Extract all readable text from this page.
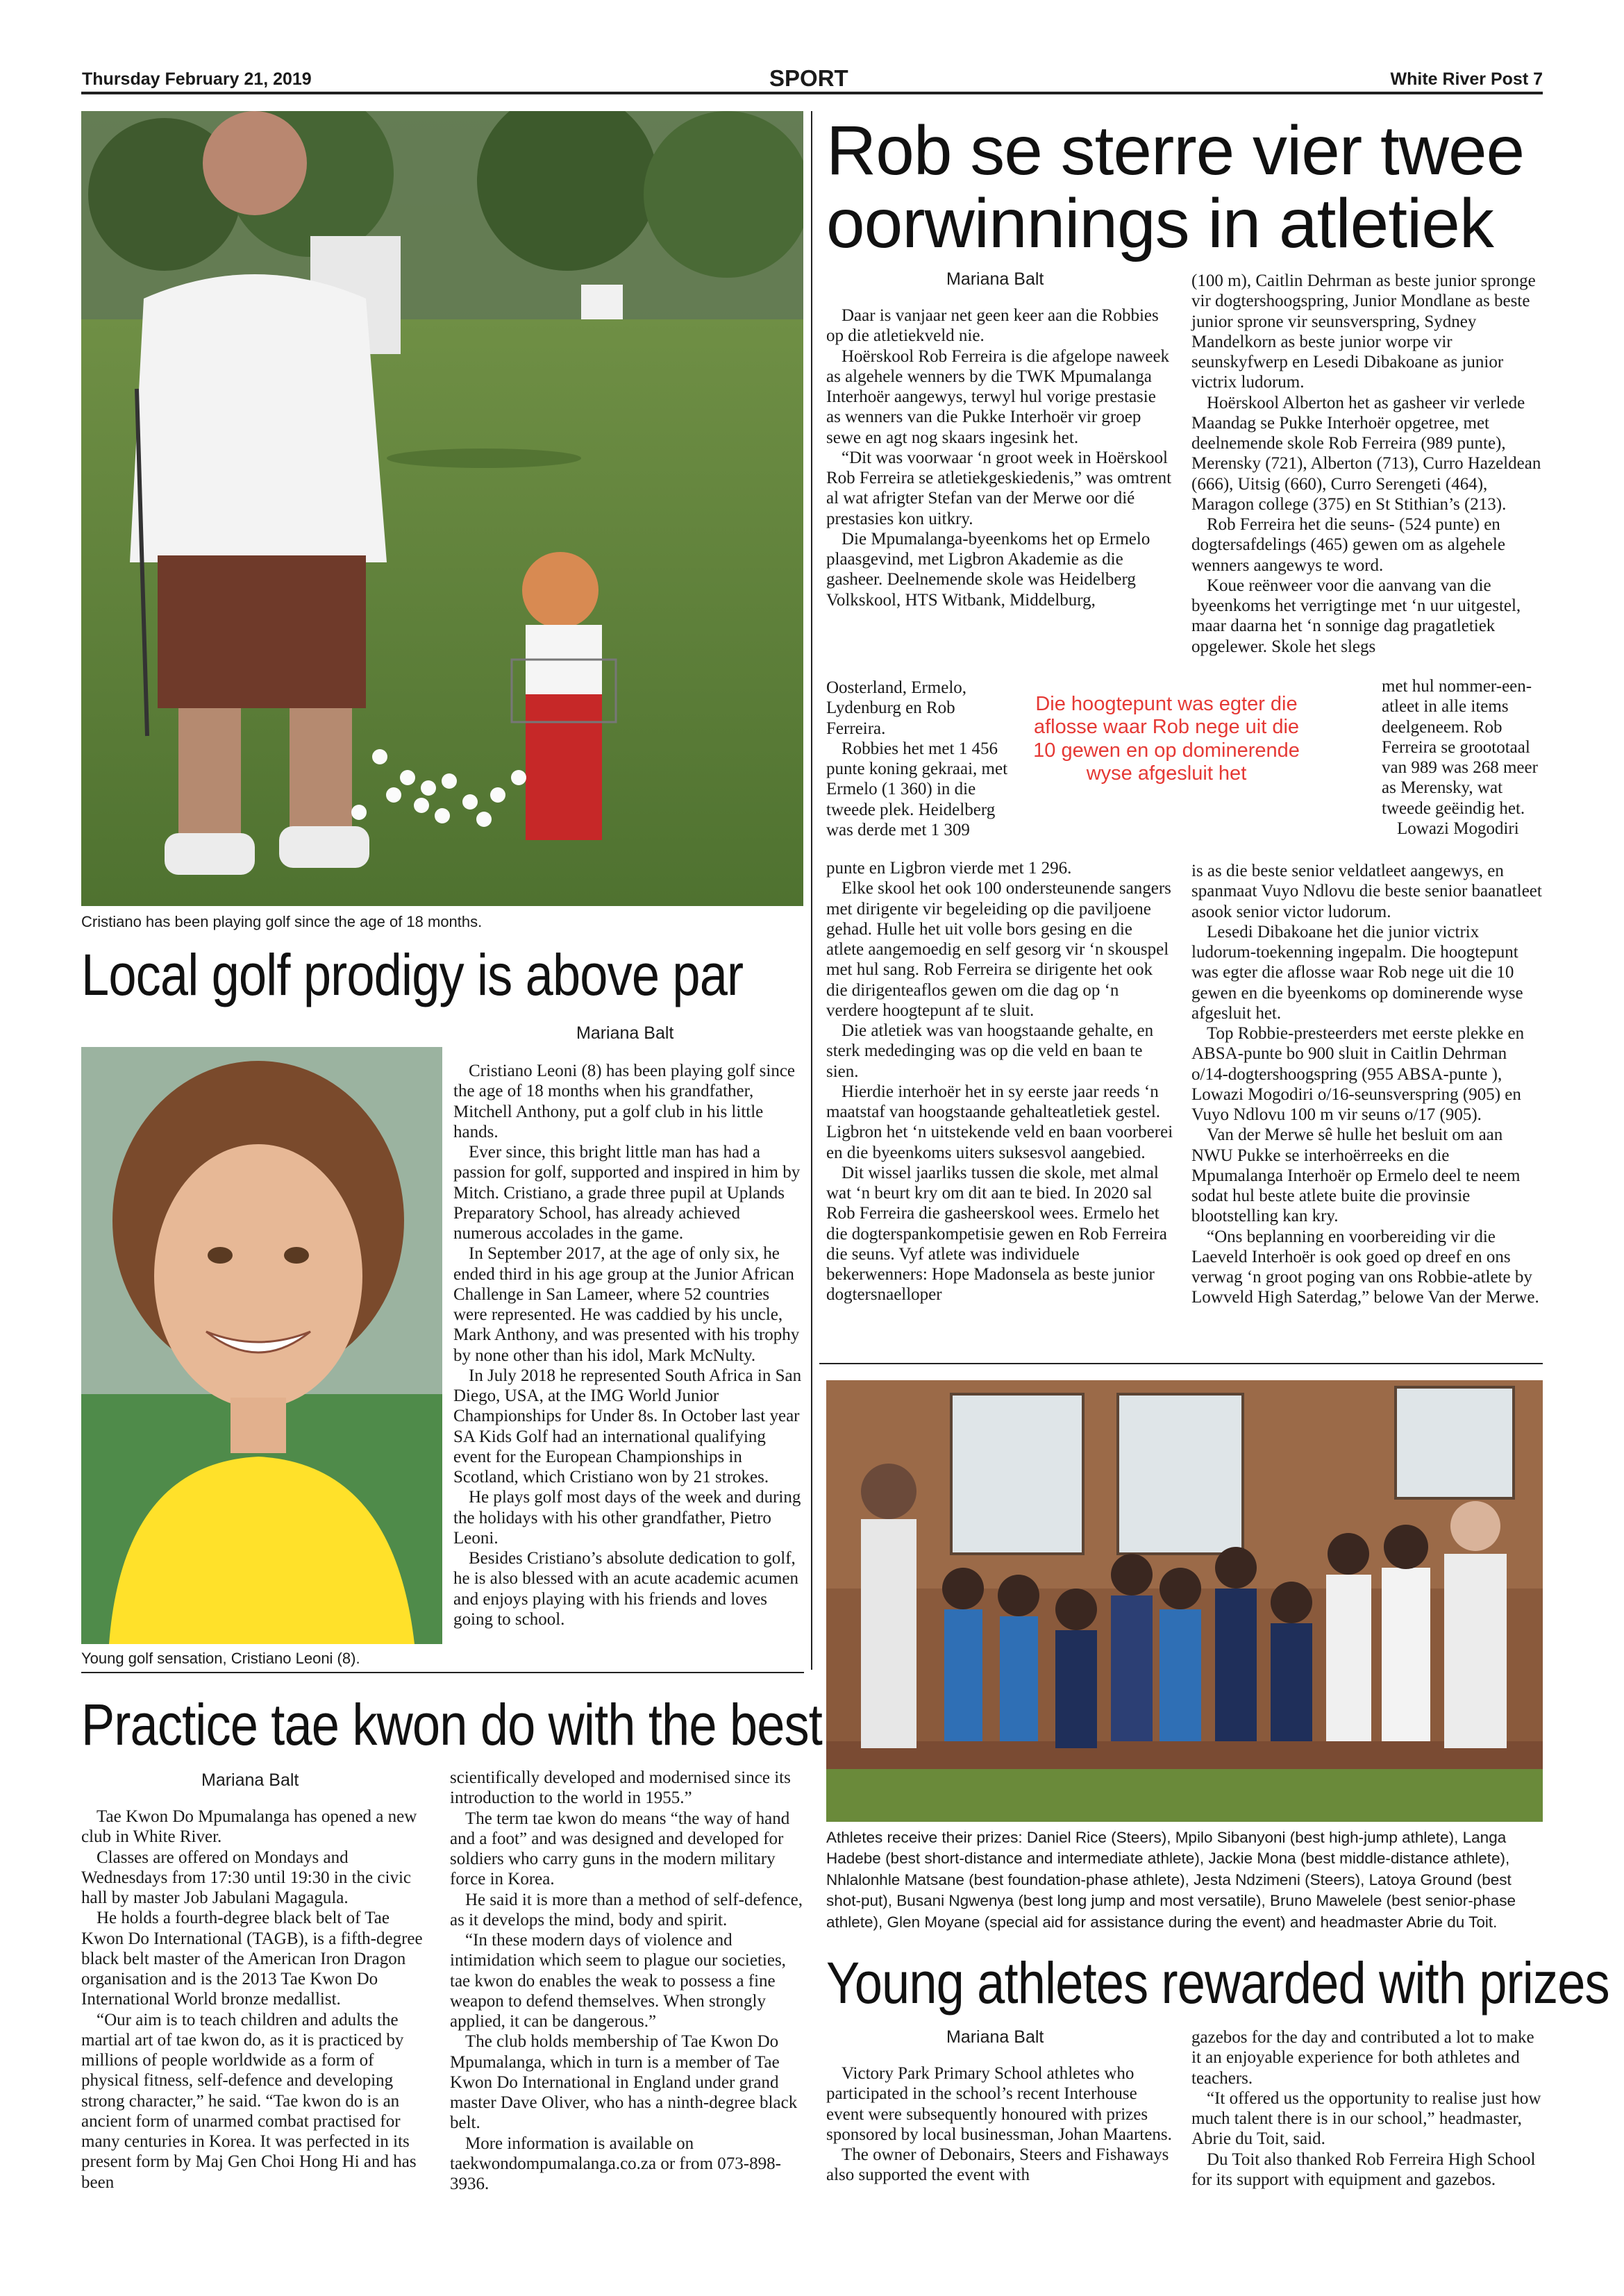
Thursday February 21, 2019	SPORT	White River Post 7
Cristiano has been playing golf since the age of 18 months.
Local golf prodigy is above par
Mariana Balt
Young golf sensation, Cristiano Leoni (8).

Cristiano Leoni (8) has been playing golf since the age of 18 months when his grandfather, Mitchell Anthony, put a golf club in his little hands.

Ever since, this bright little man has had a passion for golf, supported and inspired in him by Mitch. Cristiano, a grade three pupil at Uplands Preparatory School, has already achieved numerous accolades in the game.

In September 2017, at the age of only six, he ended third in his age group at the Junior African Challenge in San Lameer, where 52 countries were represented. He was caddied by his uncle, Mark Anthony, and was presented with his trophy by none other than his idol, Mark McNulty.

In July 2018 he represented South Africa in San Diego, USA, at the IMG World Junior Championships for Under 8s. In October last year SA Kids Golf had an international qualifying event for the European Championships in Scotland, which Cristiano won by 21 strokes.

He plays golf most days of the week and during the holidays with his other grandfather, Pietro Leoni.

Besides Cristiano’s absolute dedication to golf, he is also blessed with an acute academic acumen and enjoys playing with his friends and loves going to school.

Rob se sterre vier twee
oorwinnings in atletiek
Mariana Balt

Daar is vanjaar net geen keer aan die Robbies op die atletiekveld nie.

Hoërskool Rob Ferreira is die afgelope naweek as algehele wenners by die TWK Mpumalanga Interhoër aangewys, terwyl hul vorige prestasie as wenners van die Pukke Interhoër vir groep sewe en agt nog skaars ingesink het.

“Dit was voorwaar ‘n groot week in Hoërskool Rob Ferreira se atletiekgeskiedenis,” was omtrent al wat afrigter Stefan van der Merwe oor dié prestasies kon uitkry.

Die Mpumalanga-byeenkoms het op Ermelo plaasgevind, met Ligbron Akademie as die gasheer. Deelnemende skole was Heidelberg Volkskool, HTS Witbank, Middelburg,

Oosterland, Ermelo, Lydenburg en Rob Ferreira.

Robbies het met 1 456 punte koning gekraai, met Ermelo (1 360) in die tweede plek. Heidelberg was derde met 1 309

punte en Ligbron vierde met 1 296.

Elke skool het ook 100 ondersteunende sangers met dirigente vir begeleiding op die paviljoene gehad. Hulle het uit volle bors gesing en die atlete aangemoedig en self gesorg vir ‘n skouspel met hul sang. Rob Ferreira se dirigente het ook die dirigenteaflos gewen om die dag op ‘n verdere hoogtepunt af te sluit.

Die atletiek was van hoogstaande gehalte, en sterk mededinging was op die veld en baan te sien.

Hierdie interhoër het in sy eerste jaar reeds ‘n maatstaf van hoogstaande gehalteatletiek gestel. Ligbron het ‘n uitstekende veld en baan voorberei en die byeenkoms uiters suksesvol aangebied.

Dit wissel jaarliks tussen die skole, met almal wat ‘n beurt kry om dit aan te bied. In 2020 sal Rob Ferreira die gasheerskool wees. Ermelo het die dogterspankompetisie gewen en Rob Ferreira die seuns. Vyf atlete was individuele bekerwenners: Hope Madonsela as beste junior dogtersnaelloper

Die hoogtepunt was egter die aflosse waar Rob nege uit die 10 gewen en op dominerende wyse afgesluit het

(100 m), Caitlin Dehrman as beste junior spronge vir dogtershoogspring, Junior Mondlane as beste junior sprone vir seunsverspring, Sydney Mandelkorn as beste junior worpe vir seunskyfwerp en Lesedi Dibakoane as junior victrix ludorum.

Hoërskool Alberton het as gasheer vir verlede Maandag se Pukke Interhoër opgetree, met deelnemende skole Rob Ferreira (989 punte), Merensky (721), Alberton (713), Curro Hazeldean (666), Uitsig (660), Curro Serengeti (464), Maragon college (375) en St Stithian’s (213).

Rob Ferreira het die seuns- (524 punte) en dogtersafdelings (465) gewen om as algehele wenners aangewys te word.

Koue reënweer voor die aanvang van die byeenkoms het verrigtinge met ‘n uur uitgestel, maar daarna het ‘n sonnige dag pragatletiek opgelewer. Skole het slegs

met hul nommer-een-atleet in alle items deelgeneem. Rob Ferreira se groototaal van 989 was 268 meer as Merensky, wat tweede geëindig het.

Lowazi Mogodiri

is as die beste senior veldatleet aangewys, en spanmaat Vuyo Ndlovu die beste senior baanatleet asook senior victor ludorum.

Lesedi Dibakoane het die junior victrix ludorum-toekenning ingepalm. Die hoogtepunt was egter die aflosse waar Rob nege uit die 10 gewen en die byeenkoms op dominerende wyse afgesluit het.

Top Robbie-presteerders met eerste plekke en ABSA-punte bo 900 sluit in Caitlin Dehrman o/14-dogtershoogspring (955 ABSA-punte ), Lowazi Mogodiri o/16-seunsverspring (905) en Vuyo Ndlovu 100 m vir seuns o/17 (905).

Van der Merwe sê hulle het besluit om aan NWU Pukke se interhoërreeks en die Mpumalanga Interhoër op Ermelo deel te neem sodat hul beste atlete buite die provinsie blootstelling kan kry.

“Ons beplanning en voorbereiding vir die Laeveld Interhoër is ook goed op dreef en ons verwag ‘n groot poging van ons Robbie-atlete by Lowveld High Saterdag,” belowe Van der Merwe.

Athletes receive their prizes: Daniel Rice (Steers), Mpilo Sibanyoni (best high-jump athlete), Langa Hadebe (best short-distance and intermediate athlete), Jackie Mona (best middle-distance athlete), Nhlalonhle Matsane (best foundation-phase athlete), Jesta Ndzimeni (Steers), Latoya Ground (best shot-put), Busani Ngwenya (best long jump and most versatile), Bruno Mawelele (best senior-phase athlete), Glen Moyane (special aid for assistance during the event) and headmaster Abrie du Toit.
Young athletes rewarded with prizes
Mariana Balt

Victory Park Primary School athletes who participated in the school’s recent Interhouse event were subsequently honoured with prizes sponsored by local businessman, Johan Maartens.

The owner of Debonairs, Steers and Fishaways also supported the event with

gazebos for the day and contributed a lot to make it an enjoyable experience for both athletes and teachers.

“It offered us the opportunity to realise just how much talent there is in our school,” headmaster, Abrie du Toit, said.

Du Toit also thanked Rob Ferreira High School for its support with equipment and gazebos.

Practice tae kwon do with the best
Mariana Balt

Tae Kwon Do Mpumalanga has opened a new club in White River.

Classes are offered on Mondays and Wednesdays from 17:30 until 19:30 in the civic hall by master Job Jabulani Magagula.

He holds a fourth-degree black belt of Tae Kwon Do International (TAGB), is a fifth-degree black belt master of the American Iron Dragon organisation and is the 2013 Tae Kwon Do International World bronze medallist.

“Our aim is to teach children and adults the martial art of tae kwon do, as it is practiced by millions of people worldwide as a form of physical fitness, self-defence and developing strong character,” he said. “Tae kwon do is an ancient form of unarmed combat practised for many centuries in Korea. It was perfected in its present form by Maj Gen Choi Hong Hi and has been

scientifically developed and modernised since its introduction to the world in 1955.”

The term tae kwon do means “the way of hand and a foot” and was designed and developed for soldiers who carry guns in the modern military force in Korea.

He said it is more than a method of self-defence, as it develops the mind, body and spirit.

“In these modern days of violence and intimidation which seem to plague our societies, tae kwon do enables the weak to possess a fine weapon to defend themselves. When strongly applied, it can be dangerous.”

The club holds membership of Tae Kwon Do Mpumalanga, which in turn is a member of Tae Kwon Do International in England under grand master Dave Oliver, who has a ninth-degree black belt.

More information is available on taekwondompumalanga.co.za or from 073-898-3936.
